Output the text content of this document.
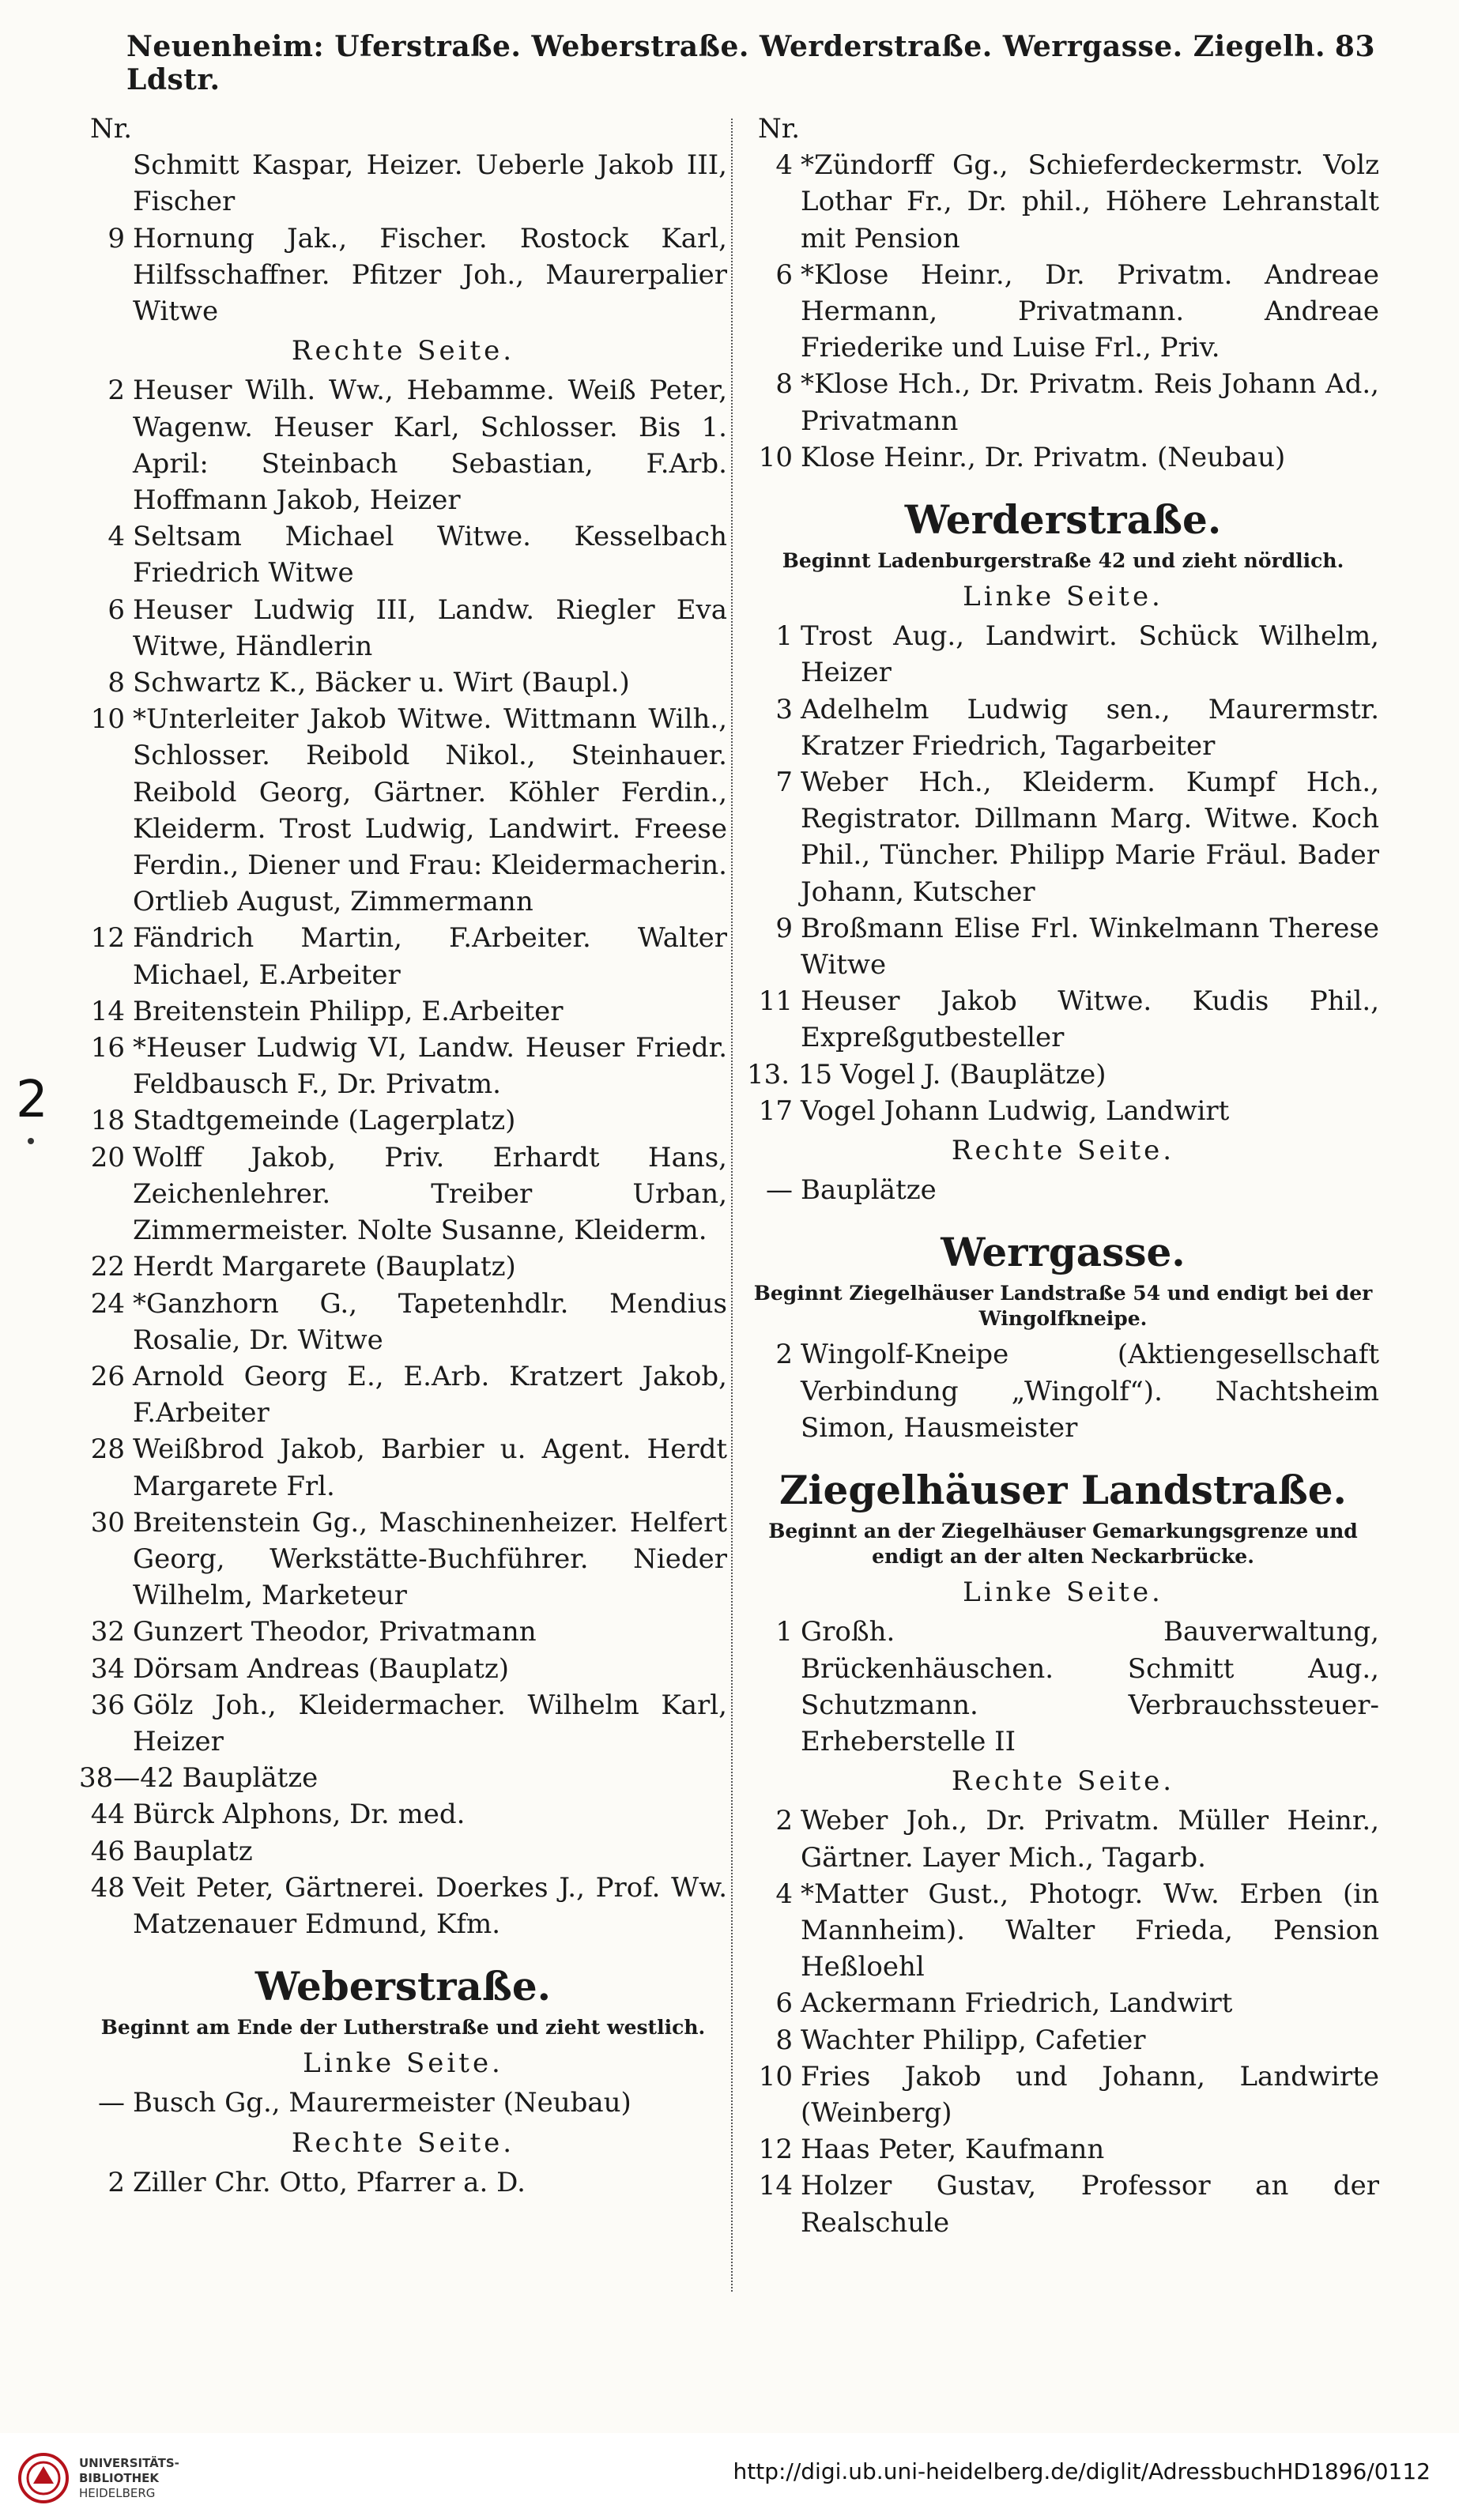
Neuenheim: Uferstraße. Weberstraße. Werderstraße. Werrgasse. Ziegelh. Ldstr.
83
2
Nr.
Schmitt Kaspar, Heizer. Ueberle Jakob III, Fischer
9 Hornung Jak., Fischer. Rostock Karl, Hilfsschaffner. Pfitzer Joh., Maurerpalier Witwe
Rechte Seite.
2 Heuser Wilh. Ww., Hebamme. Weiß Peter, Wagenw. Heuser Karl, Schlosser. Bis 1. April: Steinbach Sebastian, F.Arb. Hoffmann Jakob, Heizer
4 Seltsam Michael Witwe. Kesselbach Friedrich Witwe
6 Heuser Ludwig III, Landw. Riegler Eva Witwe, Händlerin
8 Schwartz K., Bäcker u. Wirt (Baupl.)
10 *Unterleiter Jakob Witwe. Wittmann Wilh., Schlosser. Reibold Nikol., Steinhauer. Reibold Georg, Gärtner. Köhler Ferdin., Kleiderm. Trost Ludwig, Landwirt. Freese Ferdin., Diener und Frau: Kleidermacherin. Ortlieb August, Zimmermann
12 Fändrich Martin, F.Arbeiter. Walter Michael, E.Arbeiter
14 Breitenstein Philipp, E.Arbeiter
16 *Heuser Ludwig VI, Landw. Heuser Friedr. Feldbausch F., Dr. Privatm.
18 Stadtgemeinde (Lagerplatz)
20 Wolff Jakob, Priv. Erhardt Hans, Zeichenlehrer. Treiber Urban, Zimmermeister. Nolte Susanne, Kleiderm.
22 Herdt Margarete (Bauplatz)
24 *Ganzhorn G., Tapetenhdlr. Mendius Rosalie, Dr. Witwe
26 Arnold Georg E., E.Arb. Kratzert Jakob, F.Arbeiter
28 Weißbrod Jakob, Barbier u. Agent. Herdt Margarete Frl.
30 Breitenstein Gg., Maschinenheizer. Helfert Georg, Werkstätte-Buchführer. Nieder Wilhelm, Marketeur
32 Gunzert Theodor, Privatmann
34 Dörsam Andreas (Bauplatz)
36 Gölz Joh., Kleidermacher. Wilhelm Karl, Heizer
38—42 Bauplätze
44 Bürck Alphons, Dr. med.
46 Bauplatz
48 Veit Peter, Gärtnerei. Doerkes J., Prof. Ww. Matzenauer Edmund, Kfm.
Weberstraße.
Beginnt am Ende der Lutherstraße und zieht westlich.
Linke Seite.
— Busch Gg., Maurermeister (Neubau)
Rechte Seite.
2 Ziller Chr. Otto, Pfarrer a. D.
Nr.
4 *Zündorff Gg., Schieferdeckermstr. Volz Lothar Fr., Dr. phil., Höhere Lehranstalt mit Pension
6 *Klose Heinr., Dr. Privatm. Andreae Hermann, Privatmann. Andreae Friederike und Luise Frl., Priv.
8 *Klose Hch., Dr. Privatm. Reis Johann Ad., Privatmann
10 Klose Heinr., Dr. Privatm. (Neubau)
Werderstraße.
Beginnt Ladenburgerstraße 42 und zieht nördlich.
Linke Seite.
1 Trost Aug., Landwirt. Schück Wilhelm, Heizer
3 Adelhelm Ludwig sen., Maurermstr. Kratzer Friedrich, Tagarbeiter
7 Weber Hch., Kleiderm. Kumpf Hch., Registrator. Dillmann Marg. Witwe. Koch Phil., Tüncher. Philipp Marie Fräul. Bader Johann, Kutscher
9 Broßmann Elise Frl. Winkelmann Therese Witwe
11 Heuser Jakob Witwe. Kudis Phil., Expreßgutbesteller
13. 15 Vogel J. (Bauplätze)
17 Vogel Johann Ludwig, Landwirt
Rechte Seite.
— Bauplätze
Werrgasse.
Beginnt Ziegelhäuser Landstraße 54 und endigt bei der Wingolfkneipe.
2 Wingolf-Kneipe (Aktiengesellschaft Verbindung „Wingolf“). Nachtsheim Simon, Hausmeister
Ziegelhäuser Landstraße.
Beginnt an der Ziegelhäuser Gemarkungsgrenze und endigt an der alten Neckarbrücke.
Linke Seite.
1 Großh. Bauverwaltung, Brückenhäuschen. Schmitt Aug., Schutzmann. Verbrauchssteuer-Erheberstelle II
Rechte Seite.
2 Weber Joh., Dr. Privatm. Müller Heinr., Gärtner. Layer Mich., Tagarb.
4 *Matter Gust., Photogr. Ww. Erben (in Mannheim). Walter Frieda, Pension Heßloehl
6 Ackermann Friedrich, Landwirt
8 Wachter Philipp, Cafetier
10 Fries Jakob und Johann, Landwirte (Weinberg)
12 Haas Peter, Kaufmann
14 Holzer Gustav, Professor an der Realschule
UNIVERSITÄTS-
BIBLIOTHEK
HEIDELBERG
http://digi.ub.uni-heidelberg.de/diglit/AdressbuchHD1896/0112
